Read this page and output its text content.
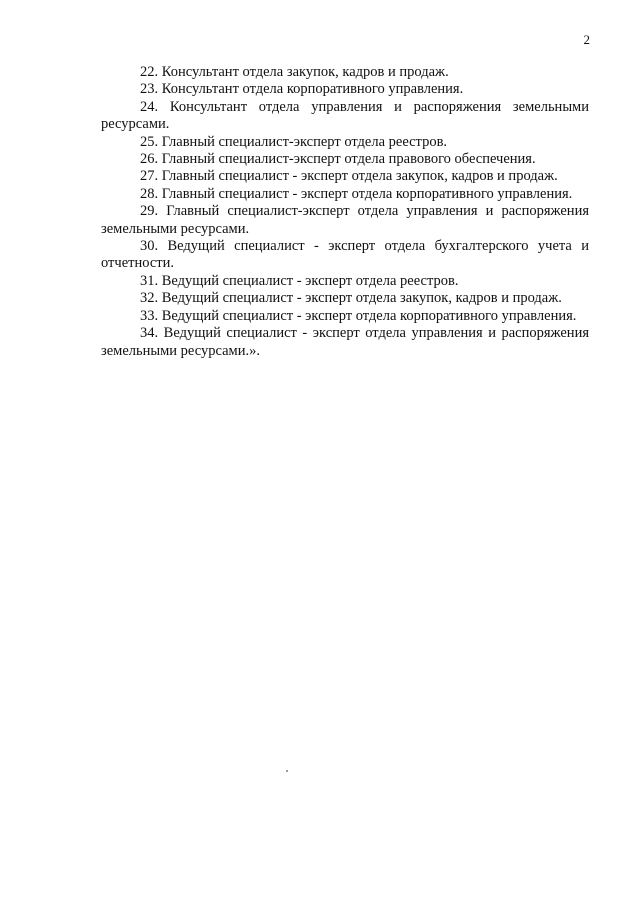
2

22. Консультант отдела закупок, кадров и продаж.

23. Консультант отдела корпоративного управления.

24. Консультант отдела управления и распоряжения земельными ресурсами.

25. Главный специалист-эксперт отдела реестров.

26. Главный специалист-эксперт отдела правового обеспечения.

27. Главный специалист - эксперт отдела закупок, кадров и продаж.

28. Главный специалист - эксперт отдела корпоративного управления.

29. Главный специалист-эксперт отдела управления и распоряжения земельными ресурсами.

30. Ведущий специалист - эксперт отдела бухгалтерского учета и отчетности.

31. Ведущий специалист - эксперт отдела реестров.

32. Ведущий специалист - эксперт отдела закупок, кадров и продаж.

33. Ведущий специалист - эксперт отдела корпоративного управления.

34. Ведущий специалист - эксперт отдела управления и распоряжения земельными ресурсами.».
